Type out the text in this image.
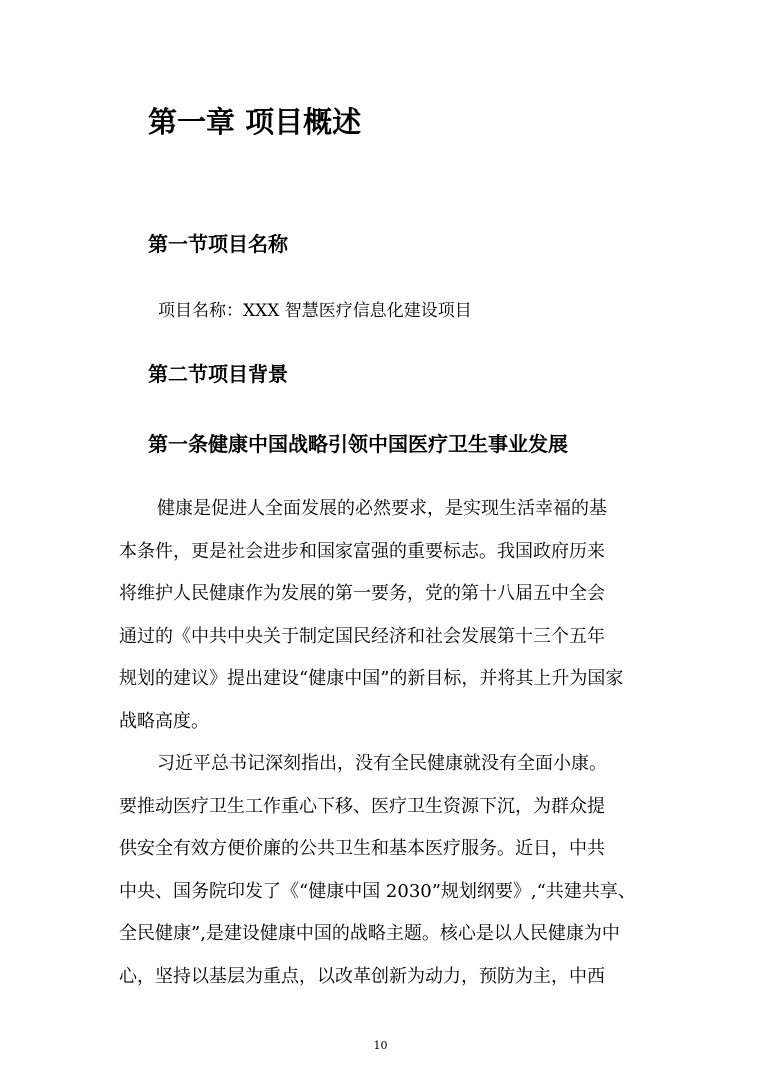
第一章 项目概述
第一节项目名称

项目名称：XXX 智慧医疗信息化建设项目

第二节项目背景
第一条健康中国战略引领中国医疗卫生事业发展
健康是促进人全面发展的必然要求，是实现生活幸福的基
本条件，更是社会进步和国家富强的重要标志。我国政府历来
将维护人民健康作为发展的第一要务，党的第十八届五中全会
通过的《中共中央关于制定国民经济和社会发展第十三个五年
规划的建议》提出建设“健康中国”的新目标，并将其上升为国家
战略高度。
习近平总书记深刻指出，没有全民健康就没有全面小康。
要推动医疗卫生工作重心下移、医疗卫生资源下沉，为群众提
供安全有效方便价廉的公共卫生和基本医疗服务。近日，中共
中央、国务院印发了《“健康中国 2030”规划纲要》,“共建共享、
全民健康”,是建设健康中国的战略主题。核心是以人民健康为中
心，坚持以基层为重点，以改革创新为动力，预防为主，中西

10
